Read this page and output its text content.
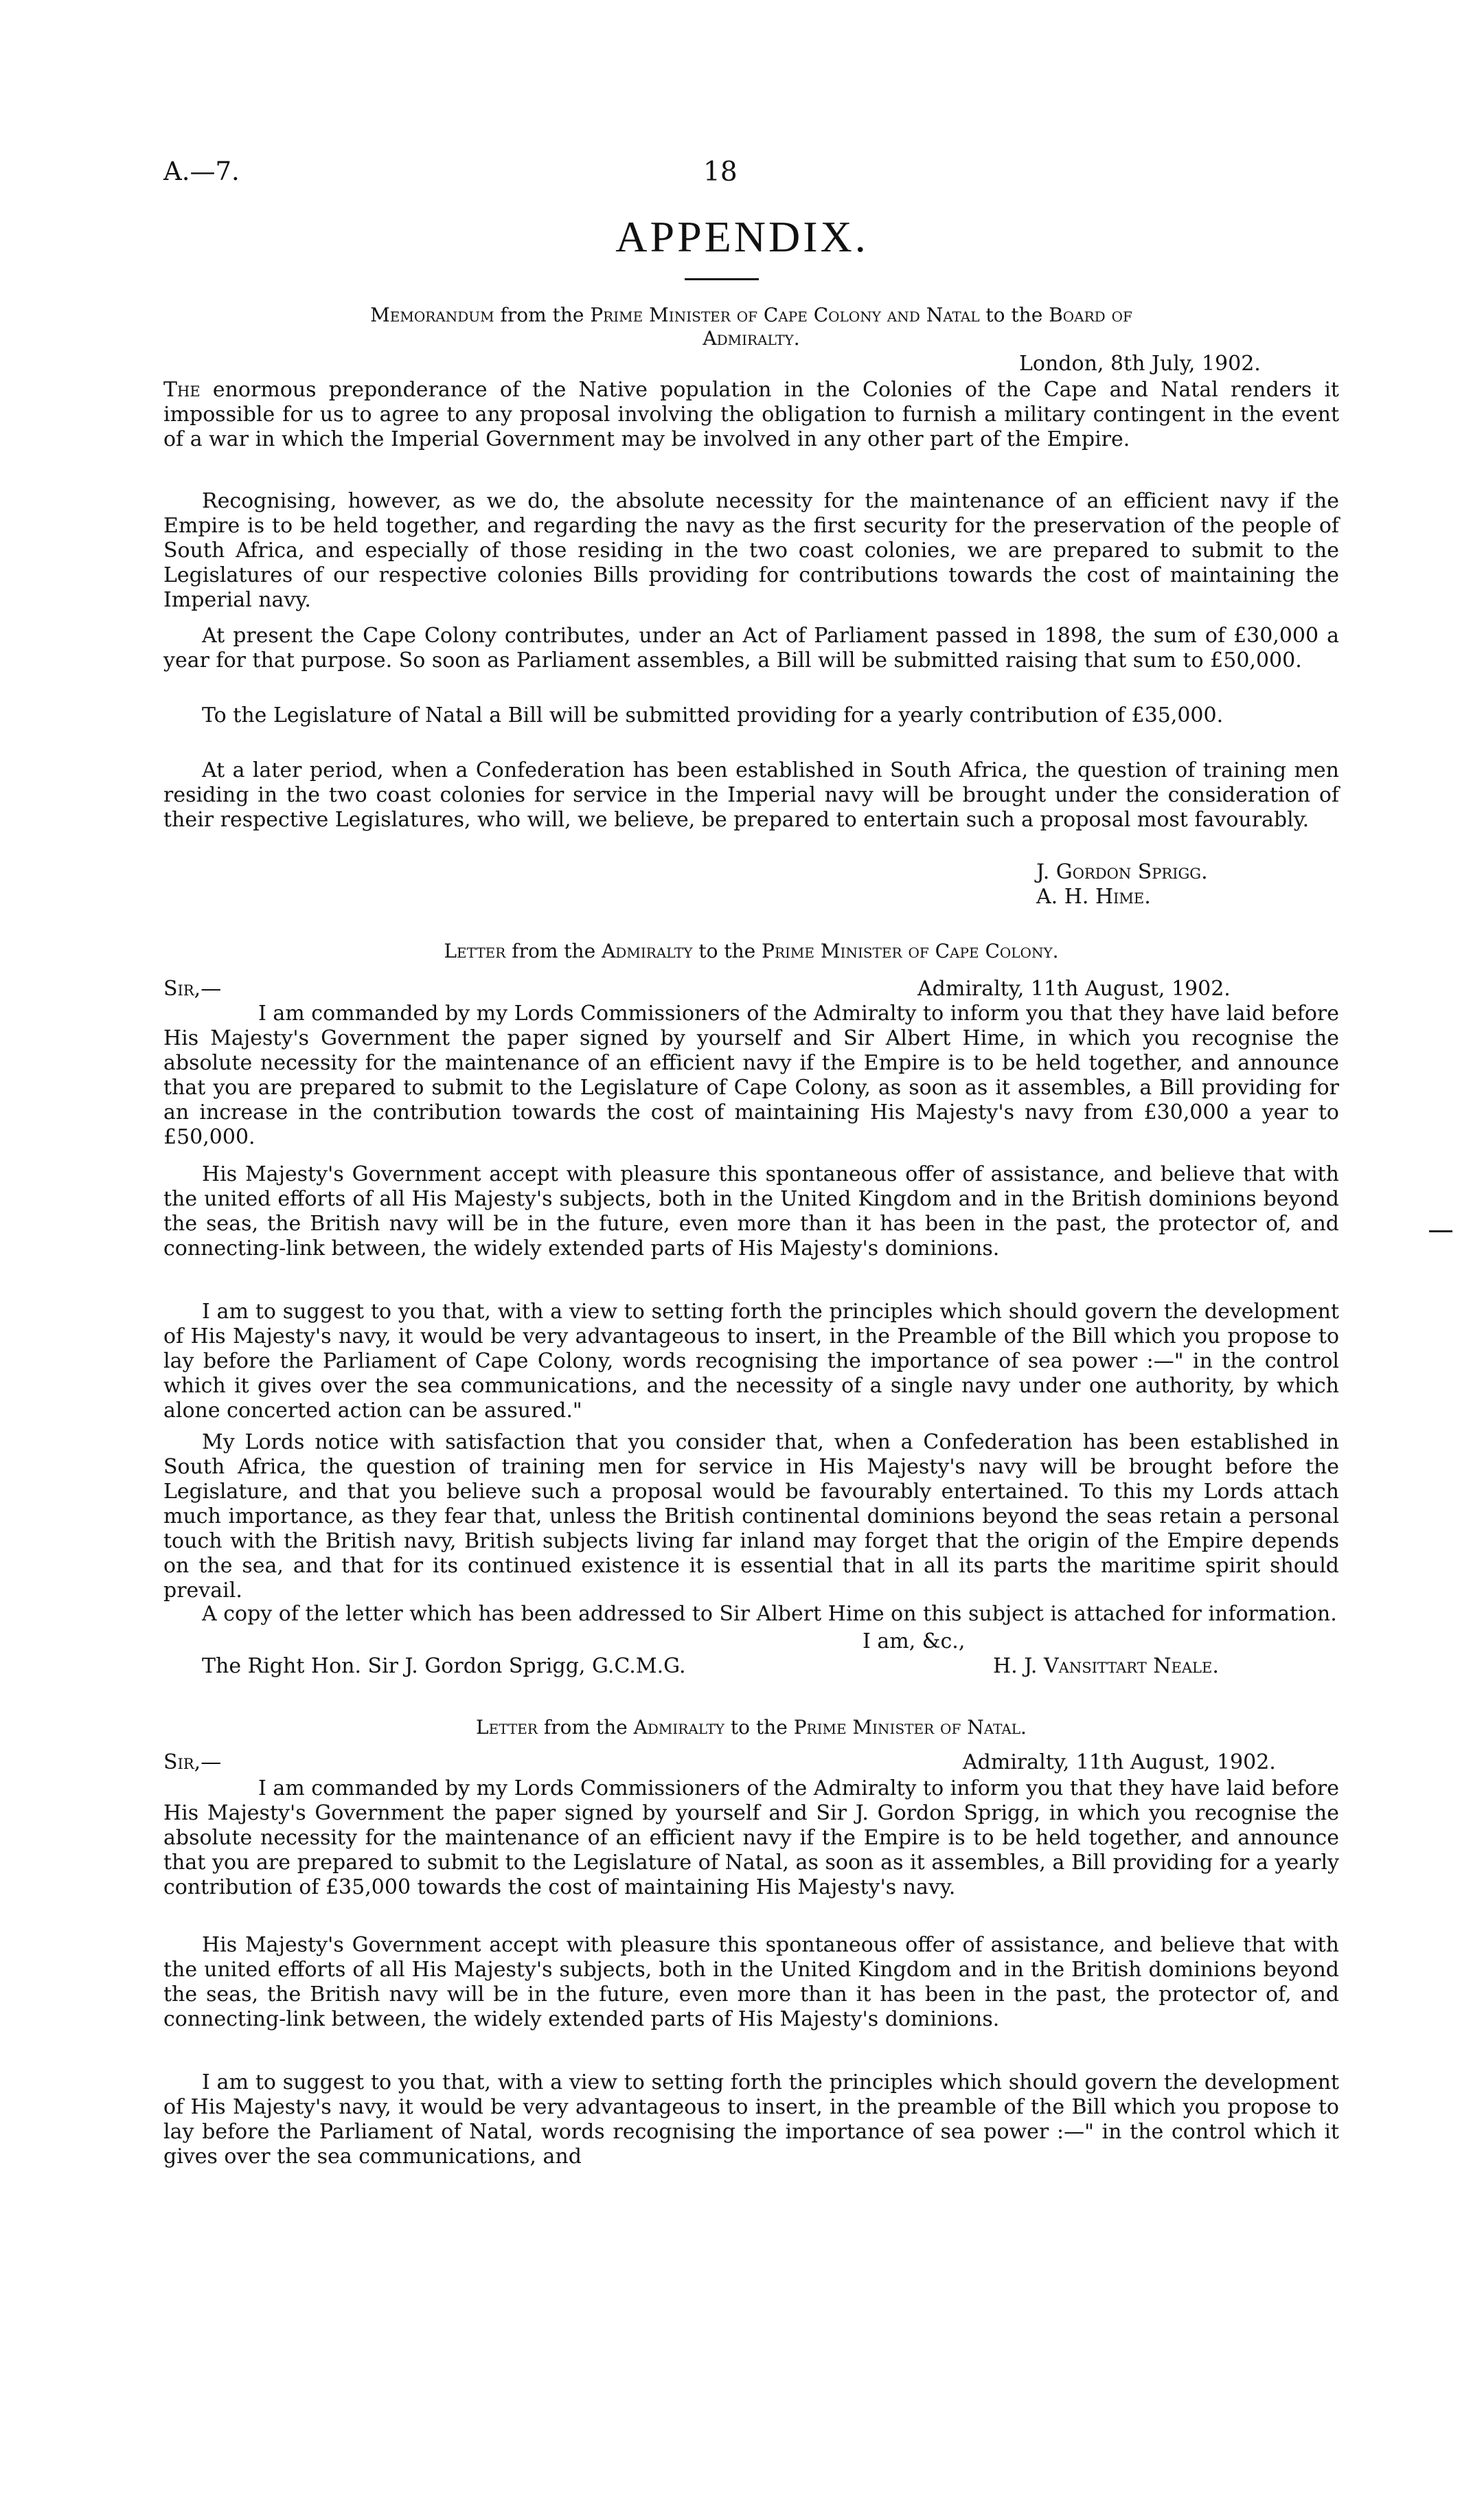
A.—7.	18
APPENDIX.
Memorandum from the Prime Minister of Cape Colony and Natal to the Board of
Admiralty.
London, 8th July, 1902.
The enormous preponderance of the Native population in the Colonies of the Cape and Natal renders it impossible for us to agree to any proposal involving the obligation to furnish a military contingent in the event of a war in which the Imperial Government may be involved in any other part of the Empire.
Recognising, however, as we do, the absolute necessity for the maintenance of an efficient navy if the Empire is to be held together, and regarding the navy as the first security for the preservation of the people of South Africa, and especially of those residing in the two coast colonies, we are prepared to submit to the Legislatures of our respective colonies Bills providing for contributions towards the cost of maintaining the Imperial navy.
At present the Cape Colony contributes, under an Act of Parliament passed in 1898, the sum of £30,000 a year for that purpose. So soon as Parliament assembles, a Bill will be submitted raising that sum to £50,000.
To the Legislature of Natal a Bill will be submitted providing for a yearly contribution of £35,000.
At a later period, when a Confederation has been established in South Africa, the question of training men residing in the two coast colonies for service in the Imperial navy will be brought under the consideration of their respective Legislatures, who will, we believe, be prepared to entertain such a proposal most favourably.
J. Gordon Sprigg.
A. H. Hime.
Letter from the Admiralty to the Prime Minister of Cape Colony.
Sir,—	Admiralty, 11th August, 1902.
I am commanded by my Lords Commissioners of the Admiralty to inform you that they have laid before His Majesty's Government the paper signed by yourself and Sir Albert Hime, in which you recognise the absolute necessity for the maintenance of an efficient navy if the Empire is to be held together, and announce that you are prepared to submit to the Legislature of Cape Colony, as soon as it assembles, a Bill providing for an increase in the contribution towards the cost of maintaining His Majesty's navy from £30,000 a year to £50,000.
His Majesty's Government accept with pleasure this spontaneous offer of assistance, and believe that with the united efforts of all His Majesty's subjects, both in the United Kingdom and in the British dominions beyond the seas, the British navy will be in the future, even more than it has been in the past, the protector of, and connecting-link between, the widely extended parts of His Majesty's dominions.
I am to suggest to you that, with a view to setting forth the principles which should govern the development of His Majesty's navy, it would be very advantageous to insert, in the Preamble of the Bill which you propose to lay before the Parliament of Cape Colony, words recognising the importance of sea power :—" in the control which it gives over the sea communications, and the necessity of a single navy under one authority, by which alone concerted action can be assured."
My Lords notice with satisfaction that you consider that, when a Confederation has been established in South Africa, the question of training men for service in His Majesty's navy will be brought before the Legislature, and that you believe such a proposal would be favourably entertained. To this my Lords attach much importance, as they fear that, unless the British continental dominions beyond the seas retain a personal touch with the British navy, British subjects living far inland may forget that the origin of the Empire depends on the sea, and that for its continued existence it is essential that in all its parts the maritime spirit should prevail.
A copy of the letter which has been addressed to Sir Albert Hime on this subject is attached for information.
I am, &c.,
The Right Hon. Sir J. Gordon Sprigg, G.C.M.G.	H. J. Vansittart Neale.
Letter from the Admiralty to the Prime Minister of Natal.
Sir,—	Admiralty, 11th August, 1902.
I am commanded by my Lords Commissioners of the Admiralty to inform you that they have laid before His Majesty's Government the paper signed by yourself and Sir J. Gordon Sprigg, in which you recognise the absolute necessity for the maintenance of an efficient navy if the Empire is to be held together, and announce that you are prepared to submit to the Legislature of Natal, as soon as it assembles, a Bill providing for a yearly contribution of £35,000 towards the cost of maintaining His Majesty's navy.
His Majesty's Government accept with pleasure this spontaneous offer of assistance, and believe that with the united efforts of all His Majesty's subjects, both in the United Kingdom and in the British dominions beyond the seas, the British navy will be in the future, even more than it has been in the past, the protector of, and connecting-link between, the widely extended parts of His Majesty's dominions.
I am to suggest to you that, with a view to setting forth the principles which should govern the development of His Majesty's navy, it would be very advantageous to insert, in the preamble of the Bill which you propose to lay before the Parliament of Natal, words recognising the importance of sea power :—" in the control which it gives over the sea communications, and
